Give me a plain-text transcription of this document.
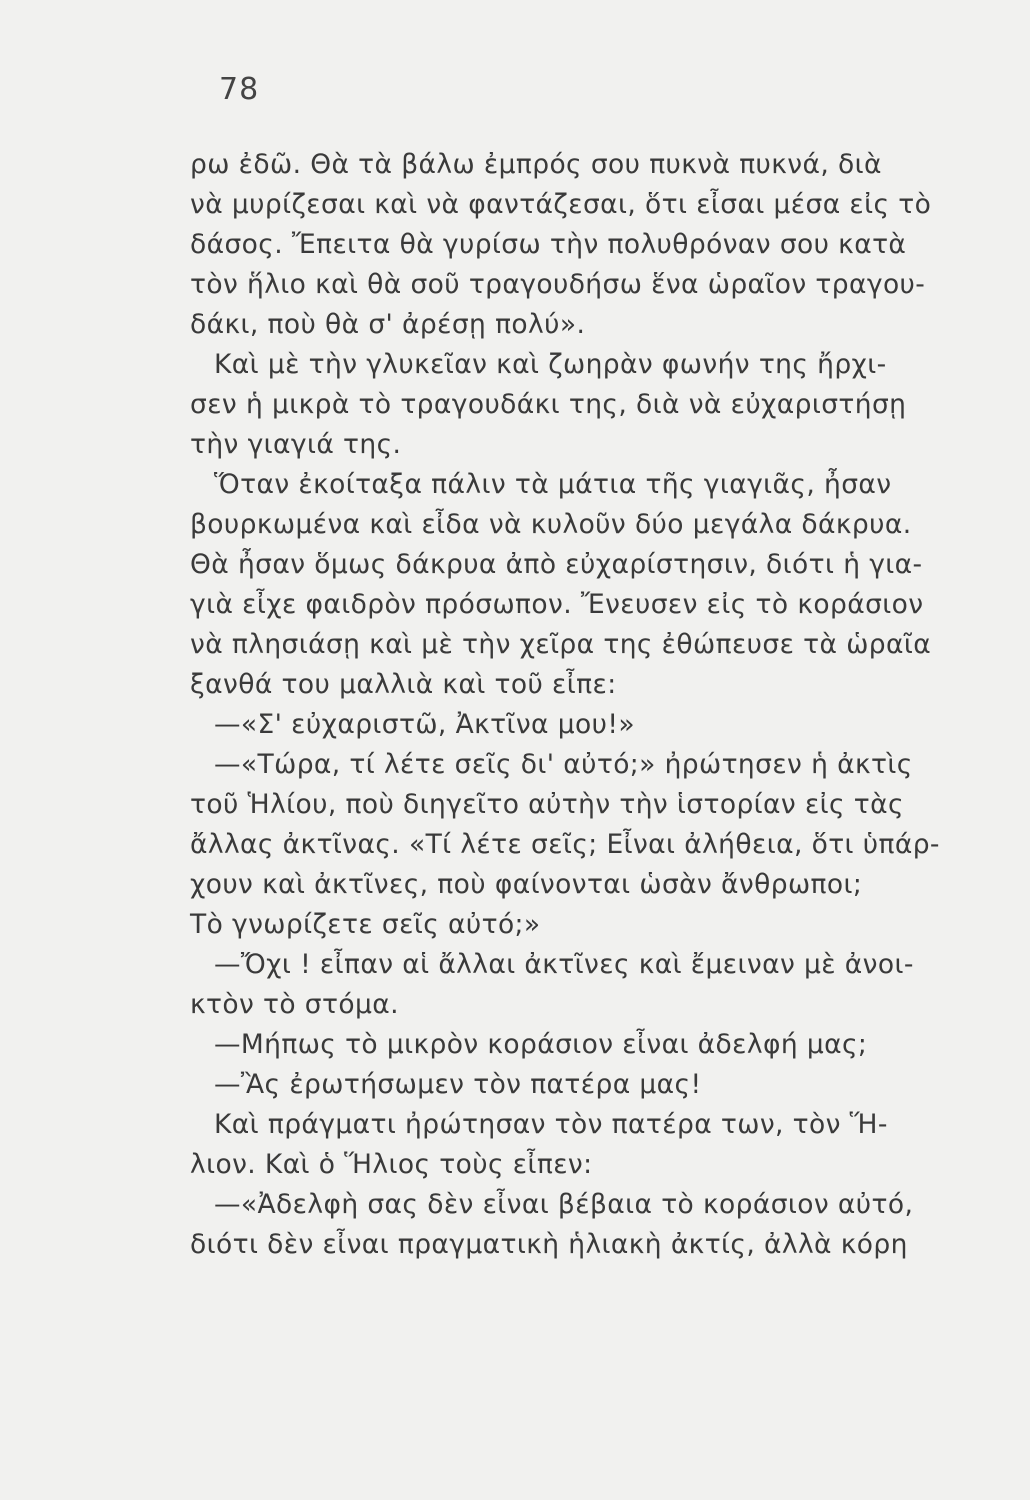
78
ρω ἐδῶ. Θὰ τὰ βάλω ἐμπρός σου πυκνὰ πυκνά, διὰ
νὰ μυρίζεσαι καὶ νὰ φαντάζεσαι, ὅτι εἶσαι μέσα εἰς τὸ
δάσος. Ἔπειτα θὰ γυρίσω τὴν πολυθρόναν σου κατὰ
τὸν ἥλιο καὶ θὰ σοῦ τραγουδήσω ἕνα ὡραῖον τραγου-
δάκι, ποὺ θὰ σ' ἀρέσῃ πολύ».
Καὶ μὲ τὴν γλυκεῖαν καὶ ζωηρὰν φωνήν της ἤρχι-
σεν ἡ μικρὰ τὸ τραγουδάκι της, διὰ νὰ εὐχαριστήσῃ
τὴν γιαγιά της.
Ὅταν ἐκοίταξα πάλιν τὰ μάτια τῆς γιαγιᾶς, ἦσαν
βουρκωμένα καὶ εἶδα νὰ κυλοῦν δύο μεγάλα δάκρυα.
Θὰ ἦσαν ὅμως δάκρυα ἀπὸ εὐχαρίστησιν, διότι ἡ για-
γιὰ εἶχε φαιδρὸν πρόσωπον. Ἔνευσεν εἰς τὸ κοράσιον
νὰ πλησιάσῃ καὶ μὲ τὴν χεῖρα της ἐθώπευσε τὰ ὡραῖα
ξανθά του μαλλιὰ καὶ τοῦ εἶπε:
—«Σ' εὐχαριστῶ, Ἀκτῖνα μου!»
—«Τώρα, τί λέτε σεῖς δι' αὐτό;» ἠρώτησεν ἡ ἀκτὶς
τοῦ Ἡλίου, ποὺ διηγεῖτο αὐτὴν τὴν ἱστορίαν εἰς τὰς
ἄλλας ἀκτῖνας. «Τί λέτε σεῖς; Εἶναι ἀλήθεια, ὅτι ὑπάρ-
χουν καὶ ἀκτῖνες, ποὺ φαίνονται ὡσὰν ἄνθρωποι;
Τὸ γνωρίζετε σεῖς αὐτό;»
—Ὄχι ! εἶπαν αἱ ἄλλαι ἀκτῖνες καὶ ἔμειναν μὲ ἀνοι-
κτὸν τὸ στόμα.
—Μήπως τὸ μικρὸν κοράσιον εἶναι ἀδελφή μας;
—Ἂς ἐρωτήσωμεν τὸν πατέρα μας!
Καὶ πράγματι ἠρώτησαν τὸν πατέρα των, τὸν Ἥ-
λιον. Καὶ ὁ Ἥλιος τοὺς εἶπεν:
—«Ἀδελφὴ σας δὲν εἶναι βέβαια τὸ κοράσιον αὐτό,
διότι δὲν εἶναι πραγματικὴ ἡλιακὴ ἀκτίς, ἀλλὰ κόρη
